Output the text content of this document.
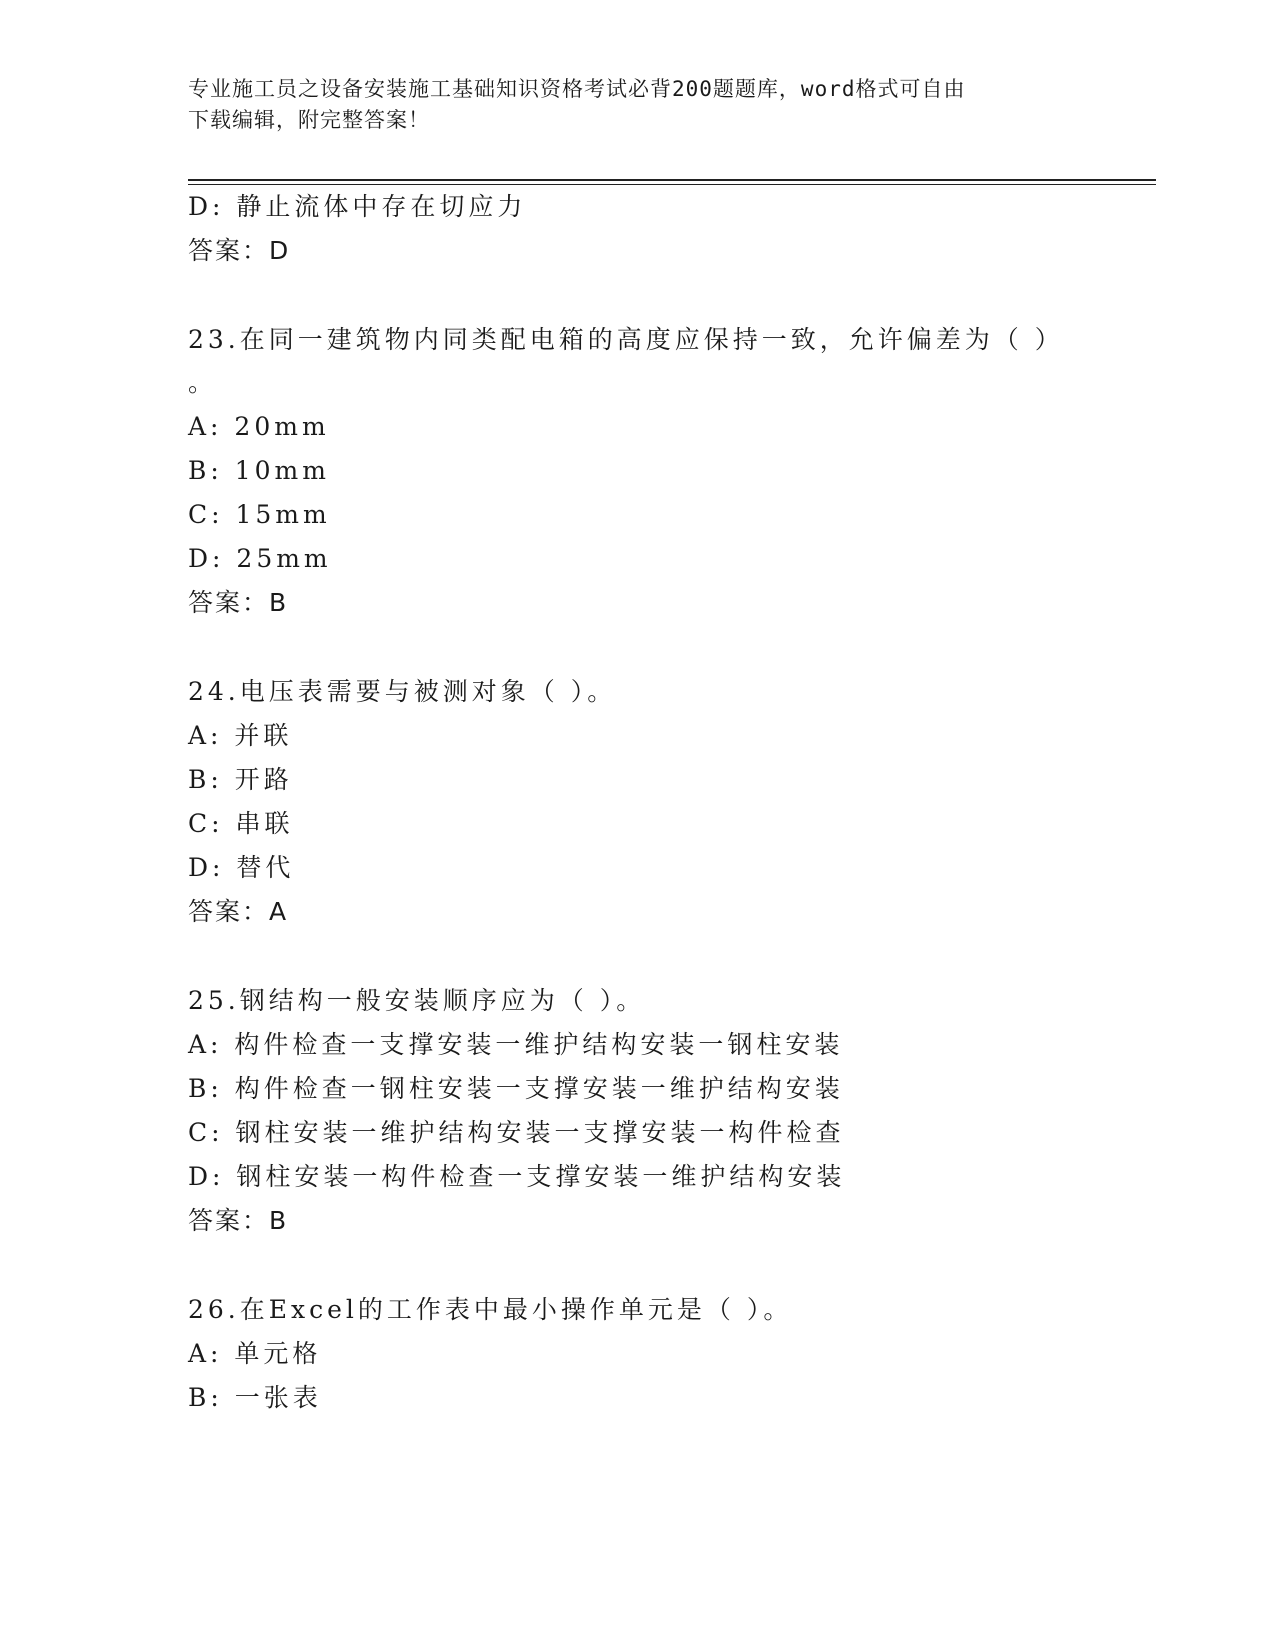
专业施工员之设备安装施工基础知识资格考试必背200题题库，word格式可自由
下载编辑，附完整答案！
D: 静止流体中存在切应力
答案：D
23.在同一建筑物内同类配电箱的高度应保持一致，允许偏差为（ ）
。
A: 20mm
B: 10mm
C: 15mm
D: 25mm
答案：B
24.电压表需要与被测对象（ ）。
A: 并联
B: 开路
C: 串联
D: 替代
答案：A
25.钢结构一般安装顺序应为（ ）。
A: 构件检查一支撑安装一维护结构安装一钢柱安装
B: 构件检查一钢柱安装一支撑安装一维护结构安装
C: 钢柱安装一维护结构安装一支撑安装一构件检查
D: 钢柱安装一构件检查一支撑安装一维护结构安装
答案：B
26.在Excel的工作表中最小操作单元是（ ）。
A: 单元格
B: 一张表
